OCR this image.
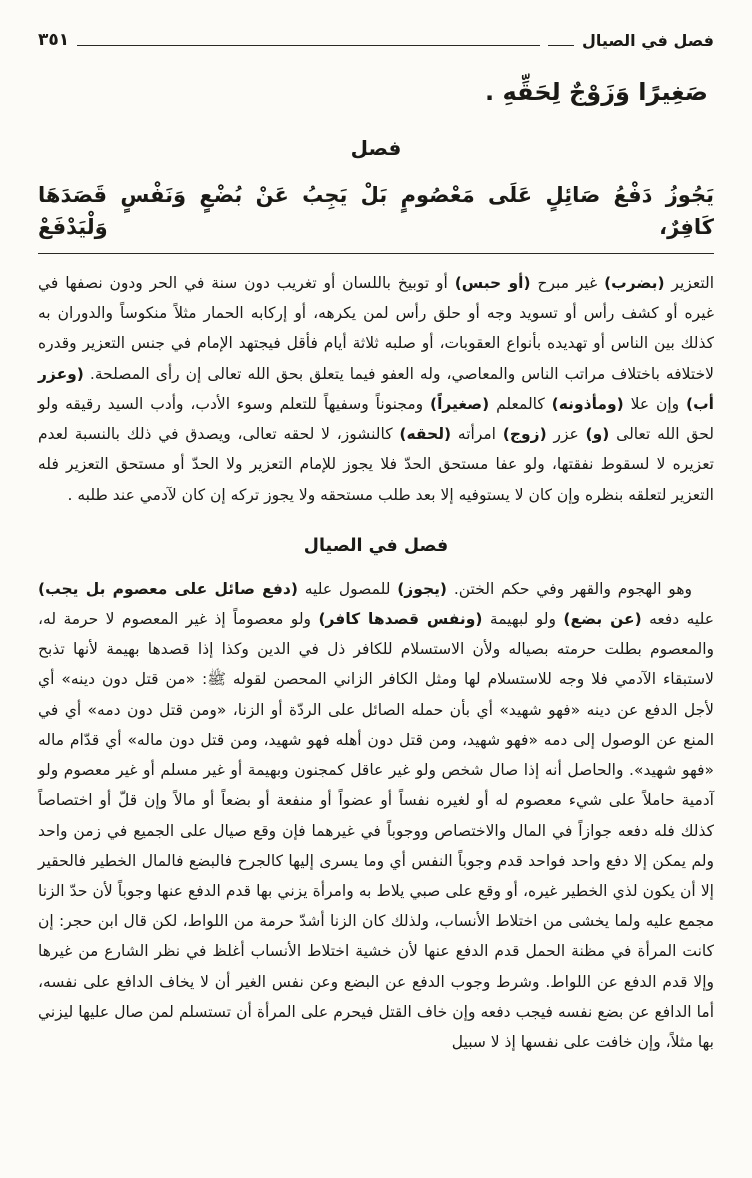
فصل في الصيال
٣٥١
صَغِيرًا وَزَوْجٌ لِحَقِّهِ .
فصل
يَجُوزُ دَفْعُ صَائِلٍ عَلَى مَعْصُومٍ بَلْ يَجِبُ عَنْ بُضْعٍ وَنَفْسٍ قَصَدَهَا كَافِرٌ، وَلْيَدْفَعْ

التعزير (بضرب) غير مبرح (أو حبس) أو توبيخ باللسان أو تغريب دون سنة في الحر ودون نصفها في غيره أو كشف رأس أو تسويد وجه أو حلق رأس لمن يكرهه، أو إركابه الحمار مثلاً منكوساً والدوران به كذلك بين الناس أو تهديده بأنواع العقوبات، أو صلبه ثلاثة أيام فأقل فيجتهد الإمام في جنس التعزير وقدره لاختلافه باختلاف مراتب الناس والمعاصي، وله العفو فيما يتعلق بحق الله تعالى إن رأى المصلحة. (وعزر أب) وإن علا (ومأذونه) كالمعلم (صغيراً) ومجنوناً وسفيهاً للتعلم وسوء الأدب، وأدب السيد رقيقه ولو لحق الله تعالى (و) عزر (زوج) امرأته (لحقه) كالنشوز، لا لحقه تعالى، ويصدق في ذلك بالنسبة لعدم تعزيره لا لسقوط نفقتها، ولو عفا مستحق الحدّ فلا يجوز للإمام التعزير ولا الحدّ أو مستحق التعزير فله التعزير لتعلقه بنظره وإن كان لا يستوفيه إلا بعد طلب مستحقه ولا يجوز تركه إن كان لآدمي عند طلبه .

فصل في الصيال

وهو الهجوم والقهر وفي حكم الختن. (يجوز) للمصول عليه (دفع صائل على معصوم بل يجب) عليه دفعه (عن بضع) ولو لبهيمة (ونفس قصدها كافر) ولو معصوماً إذ غير المعصوم لا حرمة له، والمعصوم بطلت حرمته بصياله ولأن الاستسلام للكافر ذل في الدين وكذا إذا قصدها بهيمة لأنها تذبح لاستبقاء الآدمي فلا وجه للاستسلام لها ومثل الكافر الزاني المحصن لقوله ﷺ: «من قتل دون دينه» أي لأجل الدفع عن دينه «فهو شهيد» أي بأن حمله الصائل على الردّة أو الزنا، «ومن قتل دون دمه» أي في المنع عن الوصول إلى دمه «فهو شهيد، ومن قتل دون أهله فهو شهيد، ومن قتل دون ماله» أي قدّام ماله «فهو شهيد». والحاصل أنه إذا صال شخص ولو غير عاقل كمجنون وبهيمة أو غير مسلم أو غير معصوم ولو آدمية حاملاً على شيء معصوم له أو لغيره نفساً أو عضواً أو منفعة أو بضعاً أو مالاً وإن قلّ أو اختصاصاً كذلك فله دفعه جوازاً في المال والاختصاص ووجوباً في غيرهما فإن وقع صيال على الجميع في زمن واحد ولم يمكن إلا دفع واحد فواحد قدم وجوباً النفس أي وما يسرى إليها كالجرح فالبضع فالمال الخطير فالحقير إلا أن يكون لذي الخطير غيره، أو وقع على صبي يلاط به وامرأة يزني بها قدم الدفع عنها وجوباً لأن حدّ الزنا مجمع عليه ولما يخشى من اختلاط الأنساب، ولذلك كان الزنا أشدّ حرمة من اللواط، لكن قال ابن حجر: إن كانت المرأة في مظنة الحمل قدم الدفع عنها لأن خشية اختلاط الأنساب أغلظ في نظر الشارع من غيرها وإلا قدم الدفع عن اللواط. وشرط وجوب الدفع عن البضع وعن نفس الغير أن لا يخاف الدافع على نفسه، أما الدافع عن بضع نفسه فيجب دفعه وإن خاف القتل فيحرم على المرأة أن تستسلم لمن صال عليها ليزني بها مثلاً، وإن خافت على نفسها إذ لا سبيل
